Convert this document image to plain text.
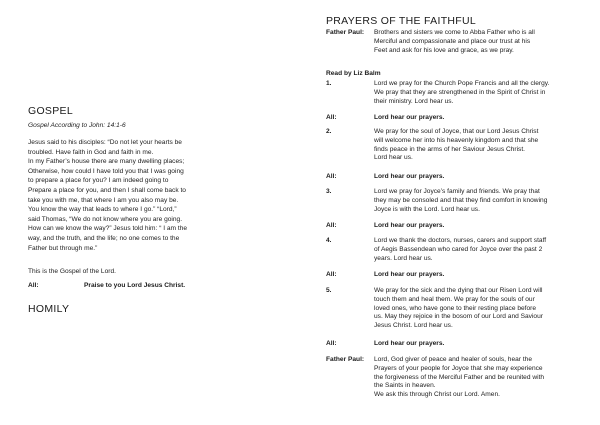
GOSPEL
Gospel According to John: 14:1-6

Jesus said to his disciples: “Do not let your hearts be
troubled. Have faith in God and faith in me.

In my Father’s house there are many dwelling places;
Otherwise, how could I have told you that I was going
to prepare a place for you? I am indeed going to
Prepare a place for you, and then I shall come back to
take you with me, that where I am you also may be.
You know the way that leads to where I go.” “Lord,”
said Thomas, “We do not know where you are going.
How can we know the way?” Jesus told him: “ I am the
way, and the truth, and the life; no one comes to the
Father but through me.”

This is the Gospel of the Lord.
All:	Praise to you Lord Jesus Christ.
HOMILY
PRAYERS OF THE FAITHFUL
Father Paul:	Brothers and sisters we come to Abba Father who is all
Merciful and compassionate and place our trust at his
Feet and ask for his love and grace, as we pray.
Read by Liz Balm
1.	Lord we pray for the Church Pope Francis and all the clergy.
We pray that they are strengthened in the Spirit of Christ in
their ministry. Lord hear us.
All:	Lord hear our prayers.
2.	We pray for the soul of Joyce, that our Lord Jesus Christ
will welcome her into his heavenly kingdom and that she
finds peace in the arms of her Saviour Jesus Christ.
Lord hear us.
All:	Lord hear our prayers.
3.	Lord we pray for Joyce’s family and friends. We pray that
they may be consoled and that they find comfort in knowing
Joyce is with the Lord. Lord hear us.
All:	Lord hear our prayers.
4.	Lord we thank the doctors, nurses, carers and support staff
of Aegis Bassendean who cared for Joyce over the past 2
years. Lord hear us.
All:	Lord hear our prayers.
5.	We pray for the sick and the dying that our Risen Lord will
touch them and heal them. We pray for the souls of our
loved ones, who have gone to their resting place before
us. May they rejoice in the bosom of our Lord and Saviour
Jesus Christ. Lord hear us.
All:	Lord hear our prayers.
Father Paul:	Lord, God giver of peace and healer of souls, hear the
Prayers of your people for Joyce that she may experience
the forgiveness of the Merciful Father and be reunited with
the Saints in heaven.
We ask this through Christ our Lord. Amen.
